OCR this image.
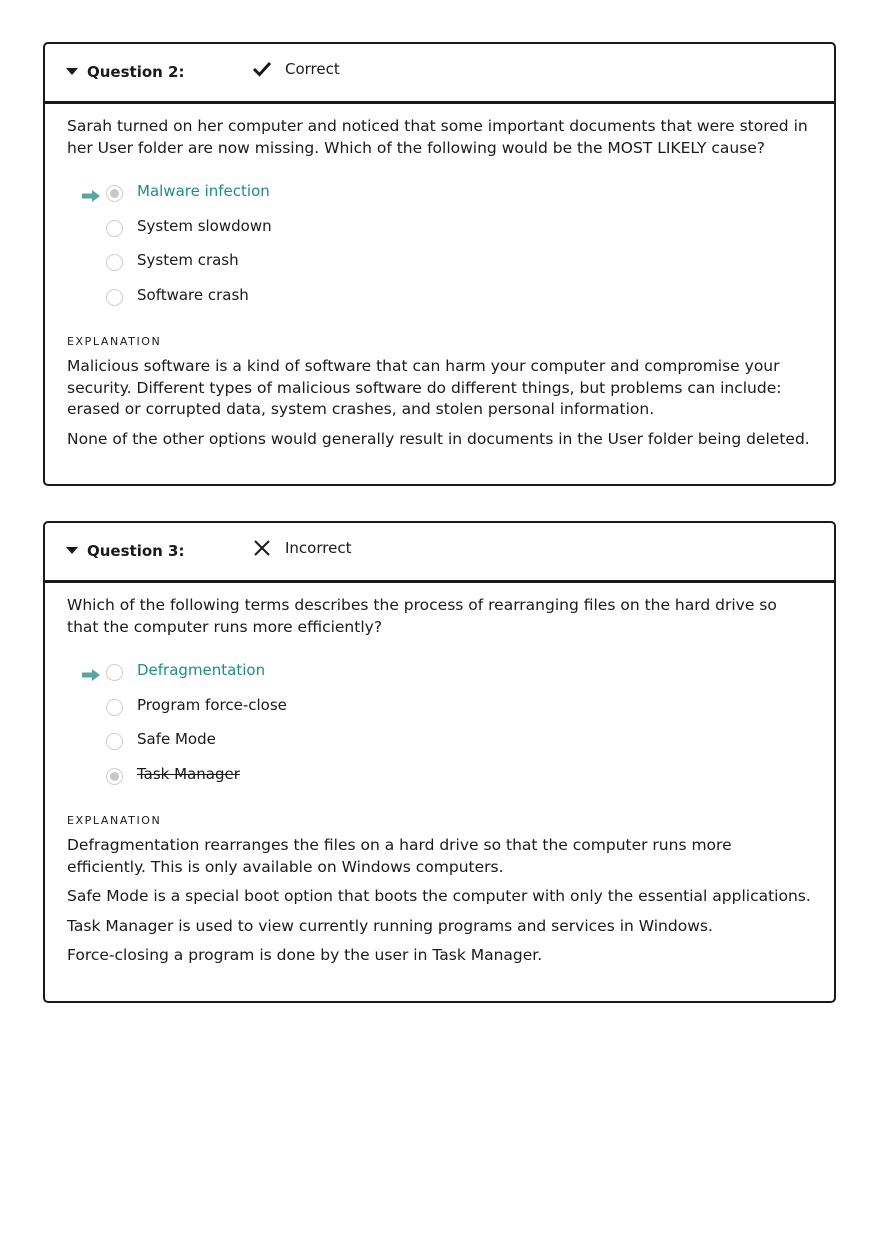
Question 2:	Correct

Sarah turned on her computer and noticed that some important documents that were stored in her User folder are now missing. Which of the following would be the MOST LIKELY cause?

Malware infection
System slowdown
System crash
Software crash
EXPLANATION

Malicious software is a kind of software that can harm your computer and compromise your security. Different types of malicious software do different things, but problems can include: erased or corrupted data, system crashes, and stolen personal information.

None of the other options would generally result in documents in the User folder being deleted.

Question 3:	Incorrect

Which of the following terms describes the process of rearranging files on the hard drive so that the computer runs more efficiently?

Defragmentation
Program force-close
Safe Mode
Task Manager
EXPLANATION

Defragmentation rearranges the files on a hard drive so that the computer runs more efficiently. This is only available on Windows computers.

Safe Mode is a special boot option that boots the computer with only the essential applications.

Task Manager is used to view currently running programs and services in Windows.

Force-closing a program is done by the user in Task Manager.
